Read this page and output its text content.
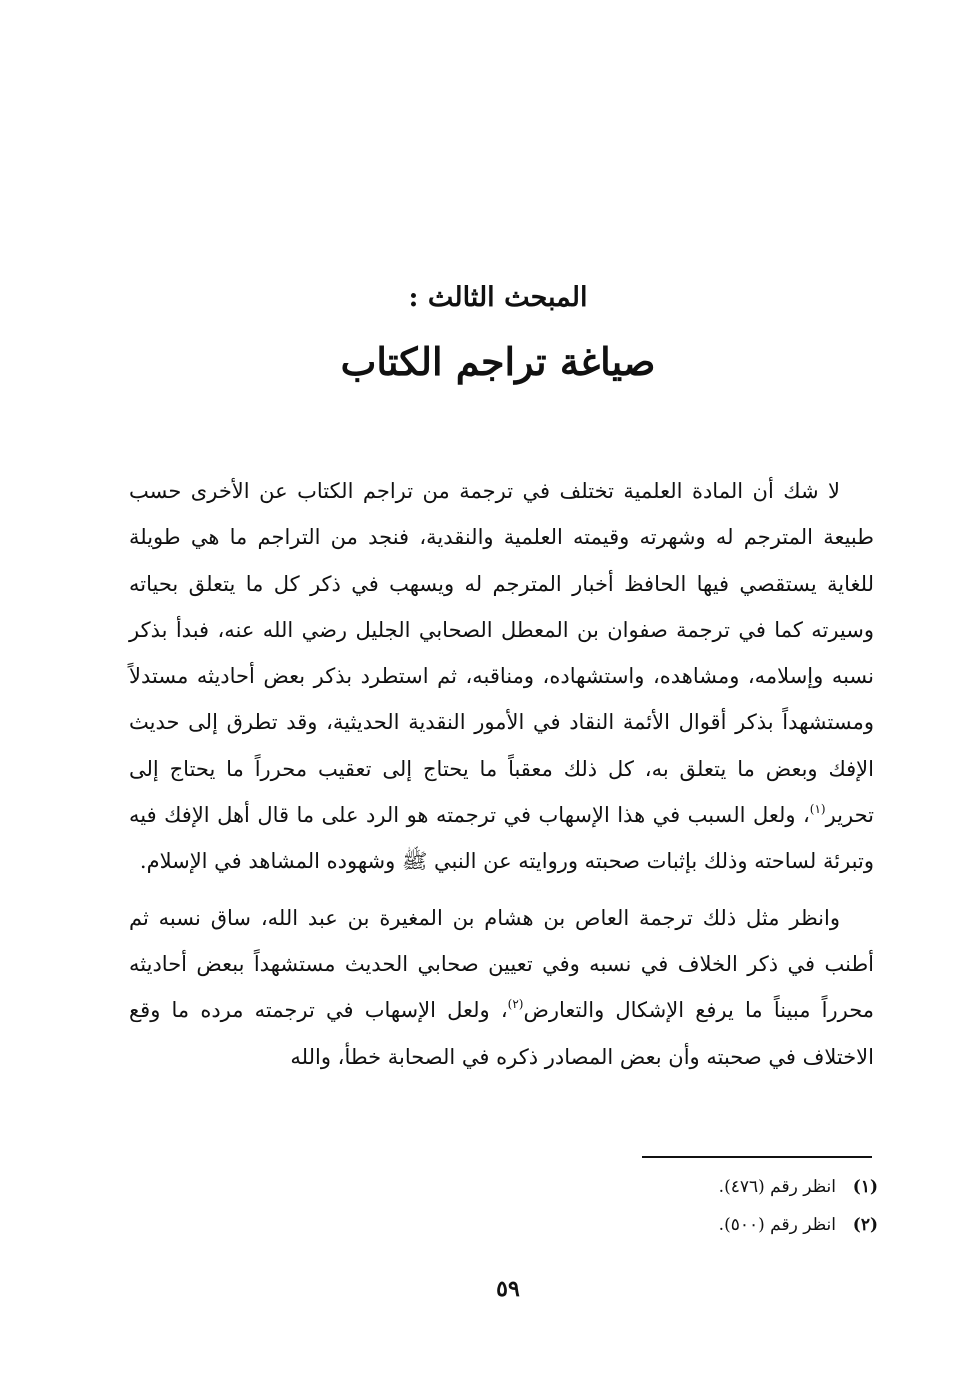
المبحث الثالث :
صياغة تراجم الكتاب

لا شك أن المادة العلمية تختلف في ترجمة من تراجم الكتاب عن الأخرى حسب طبيعة المترجم له وشهرته وقيمته العلمية والنقدية، فنجد من التراجم ما هي طويلة للغاية يستقصي فيها الحافظ أخبار المترجم له ويسهب في ذكر كل ما يتعلق بحياته وسيرته كما في ترجمة صفوان بن المعطل الصحابي الجليل رضي الله عنه، فبدأ بذكر نسبه وإسلامه، ومشاهده، واستشهاده، ومناقبه، ثم استطرد بذكر بعض أحاديثه مستدلاً ومستشهداً بذكر أقوال الأئمة النقاد في الأمور النقدية الحديثية، وقد تطرق إلى حديث الإفك وبعض ما يتعلق به، كل ذلك معقباً ما يحتاج إلى تعقيب محرراً ما يحتاج إلى تحرير$^{(١)}$، ولعل السبب في هذا الإسهاب في ترجمته هو الرد على ما قال أهل الإفك فيه وتبرئة لساحته وذلك بإثبات صحبته وروايته عن النبي ﷺ وشهوده المشاهد في الإسلام.

وانظر مثل ذلك ترجمة العاص بن هشام بن المغيرة بن عبد الله، ساق نسبه ثم أطنب في ذكر الخلاف في نسبه وفي تعيين صحابي الحديث مستشهداً ببعض أحاديثه محرراً مبيناً ما يرفع الإشكال والتعارض$^{(٢)}$، ولعل الإسهاب في ترجمته مرده ما وقع الاختلاف في صحبته وأن بعض المصادر ذكره في الصحابة خطأ، والله

(١)انظر رقم (٤٧٦).
(٢)انظر رقم (٥٠٠).
٥٩
